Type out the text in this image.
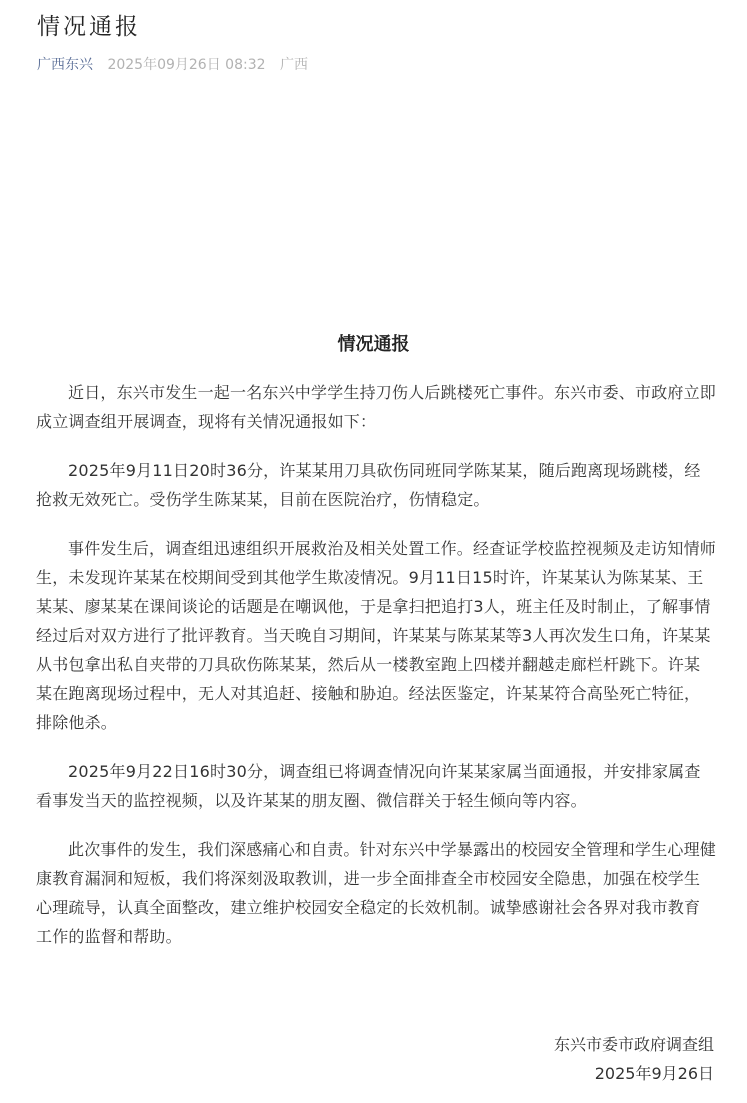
情况通报
广西东兴 2025年09月26日 08:32 广西
情况通报

近日，东兴市发生一起一名东兴中学学生持刀伤人后跳楼死亡事件。东兴市委、市政府立即成立调查组开展调查，现将有关情况通报如下：

2025年9月11日20时36分，许某某用刀具砍伤同班同学陈某某，随后跑离现场跳楼，经抢救无效死亡。受伤学生陈某某，目前在医院治疗，伤情稳定。

事件发生后，调查组迅速组织开展救治及相关处置工作。经查证学校监控视频及走访知情师生，未发现许某某在校期间受到其他学生欺凌情况。9月11日15时许，许某某认为陈某某、王某某、廖某某在课间谈论的话题是在嘲讽他，于是拿扫把追打3人，班主任及时制止，了解事情经过后对双方进行了批评教育。当天晚自习期间，许某某与陈某某等3人再次发生口角，许某某从书包拿出私自夹带的刀具砍伤陈某某，然后从一楼教室跑上四楼并翻越走廊栏杆跳下。许某某在跑离现场过程中，无人对其追赶、接触和胁迫。经法医鉴定，许某某符合高坠死亡特征，排除他杀。

2025年9月22日16时30分，调查组已将调查情况向许某某家属当面通报，并安排家属查看事发当天的监控视频，以及许某某的朋友圈、微信群关于轻生倾向等内容。

此次事件的发生，我们深感痛心和自责。针对东兴中学暴露出的校园安全管理和学生心理健康教育漏洞和短板，我们将深刻汲取教训，进一步全面排查全市校园安全隐患，加强在校学生心理疏导，认真全面整改，建立维护校园安全稳定的长效机制。诚挚感谢社会各界对我市教育工作的监督和帮助。

东兴市委市政府调查组
2025年9月26日
